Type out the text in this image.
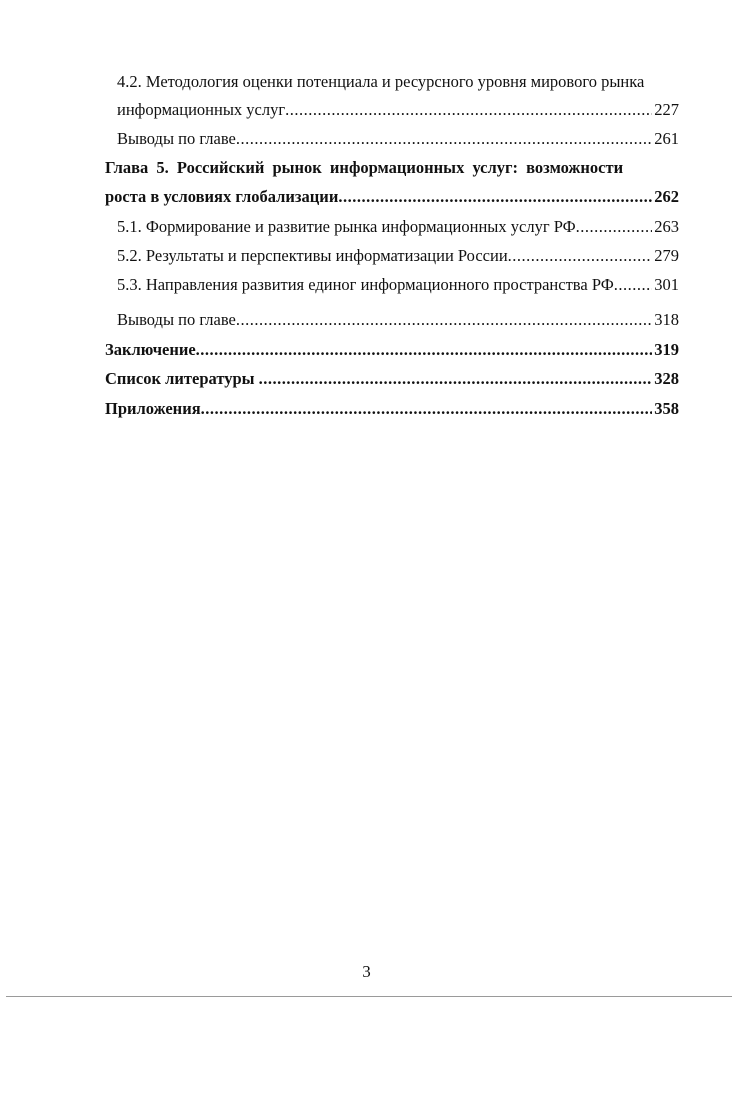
4.2. Методология оценки потенциала и ресурсного уровня мирового рынка
информационных услуг .....	227
Выводы по главе .....	261
Глава 5. Российский рынок информационных услуг: возможности
роста в условиях глобализации .....	262
5.1. Формирование и развитие рынка информационных услуг РФ .....	263
5.2. Результаты и перспективы информатизации России .....	279
5.3. Направления развития единог информационного пространства РФ ..... 301
Выводы по главе .....	318
Заключение .....	319
Список литературы .....	328
Приложения .....	358
3
